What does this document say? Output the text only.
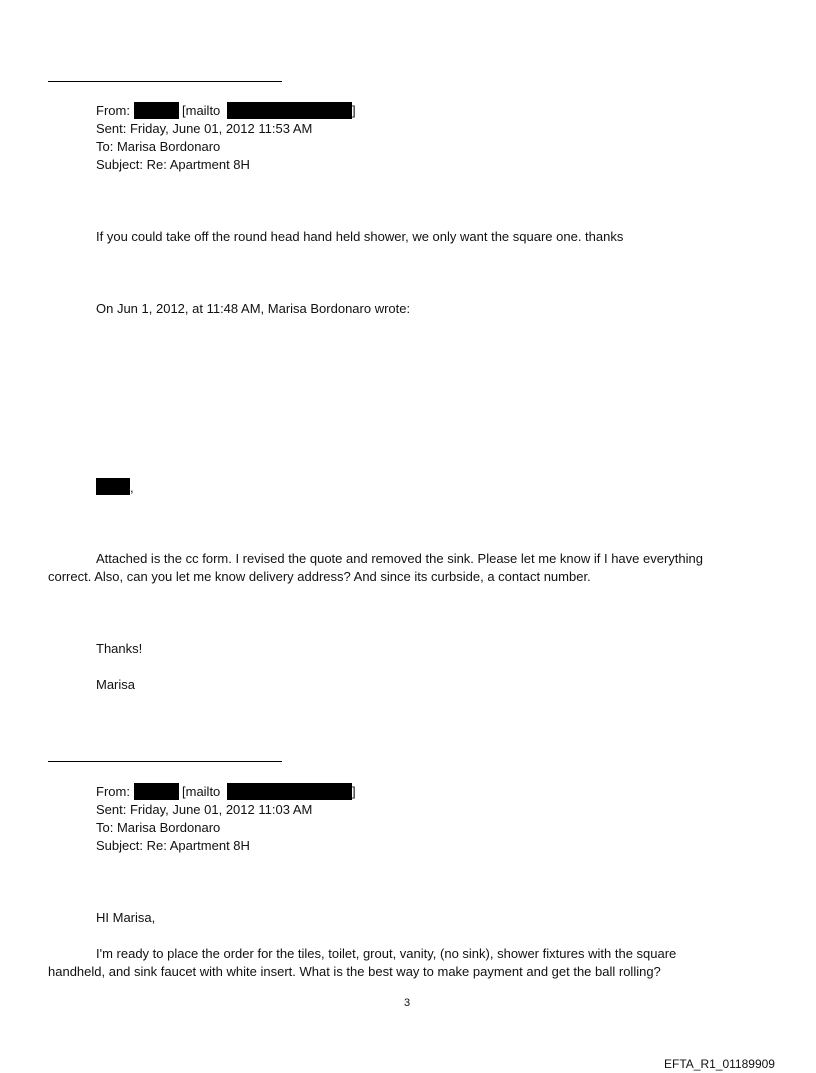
From:	[mailto	]
Sent: Friday, June 01, 2012 11:53 AM
To: Marisa Bordonaro
Subject: Re: Apartment 8H
If you could take off the round head hand held shower, we only want the square one. thanks
On Jun 1, 2012, at 11:48 AM, Marisa Bordonaro wrote:
,
Attached is the cc form. I revised the quote and removed the sink. Please let me know if I have everything
correct. Also, can you let me know delivery address? And since its curbside, a contact number.
Thanks!
Marisa
From:	[mailto	]
Sent: Friday, June 01, 2012 11:03 AM
To: Marisa Bordonaro
Subject: Re: Apartment 8H
HI Marisa,
I'm ready to place the order for the tiles, toilet, grout, vanity, (no sink), shower fixtures with the square
handheld, and sink faucet with white insert. What is the best way to make payment and get the ball rolling?
3
EFTA_R1_01189909
